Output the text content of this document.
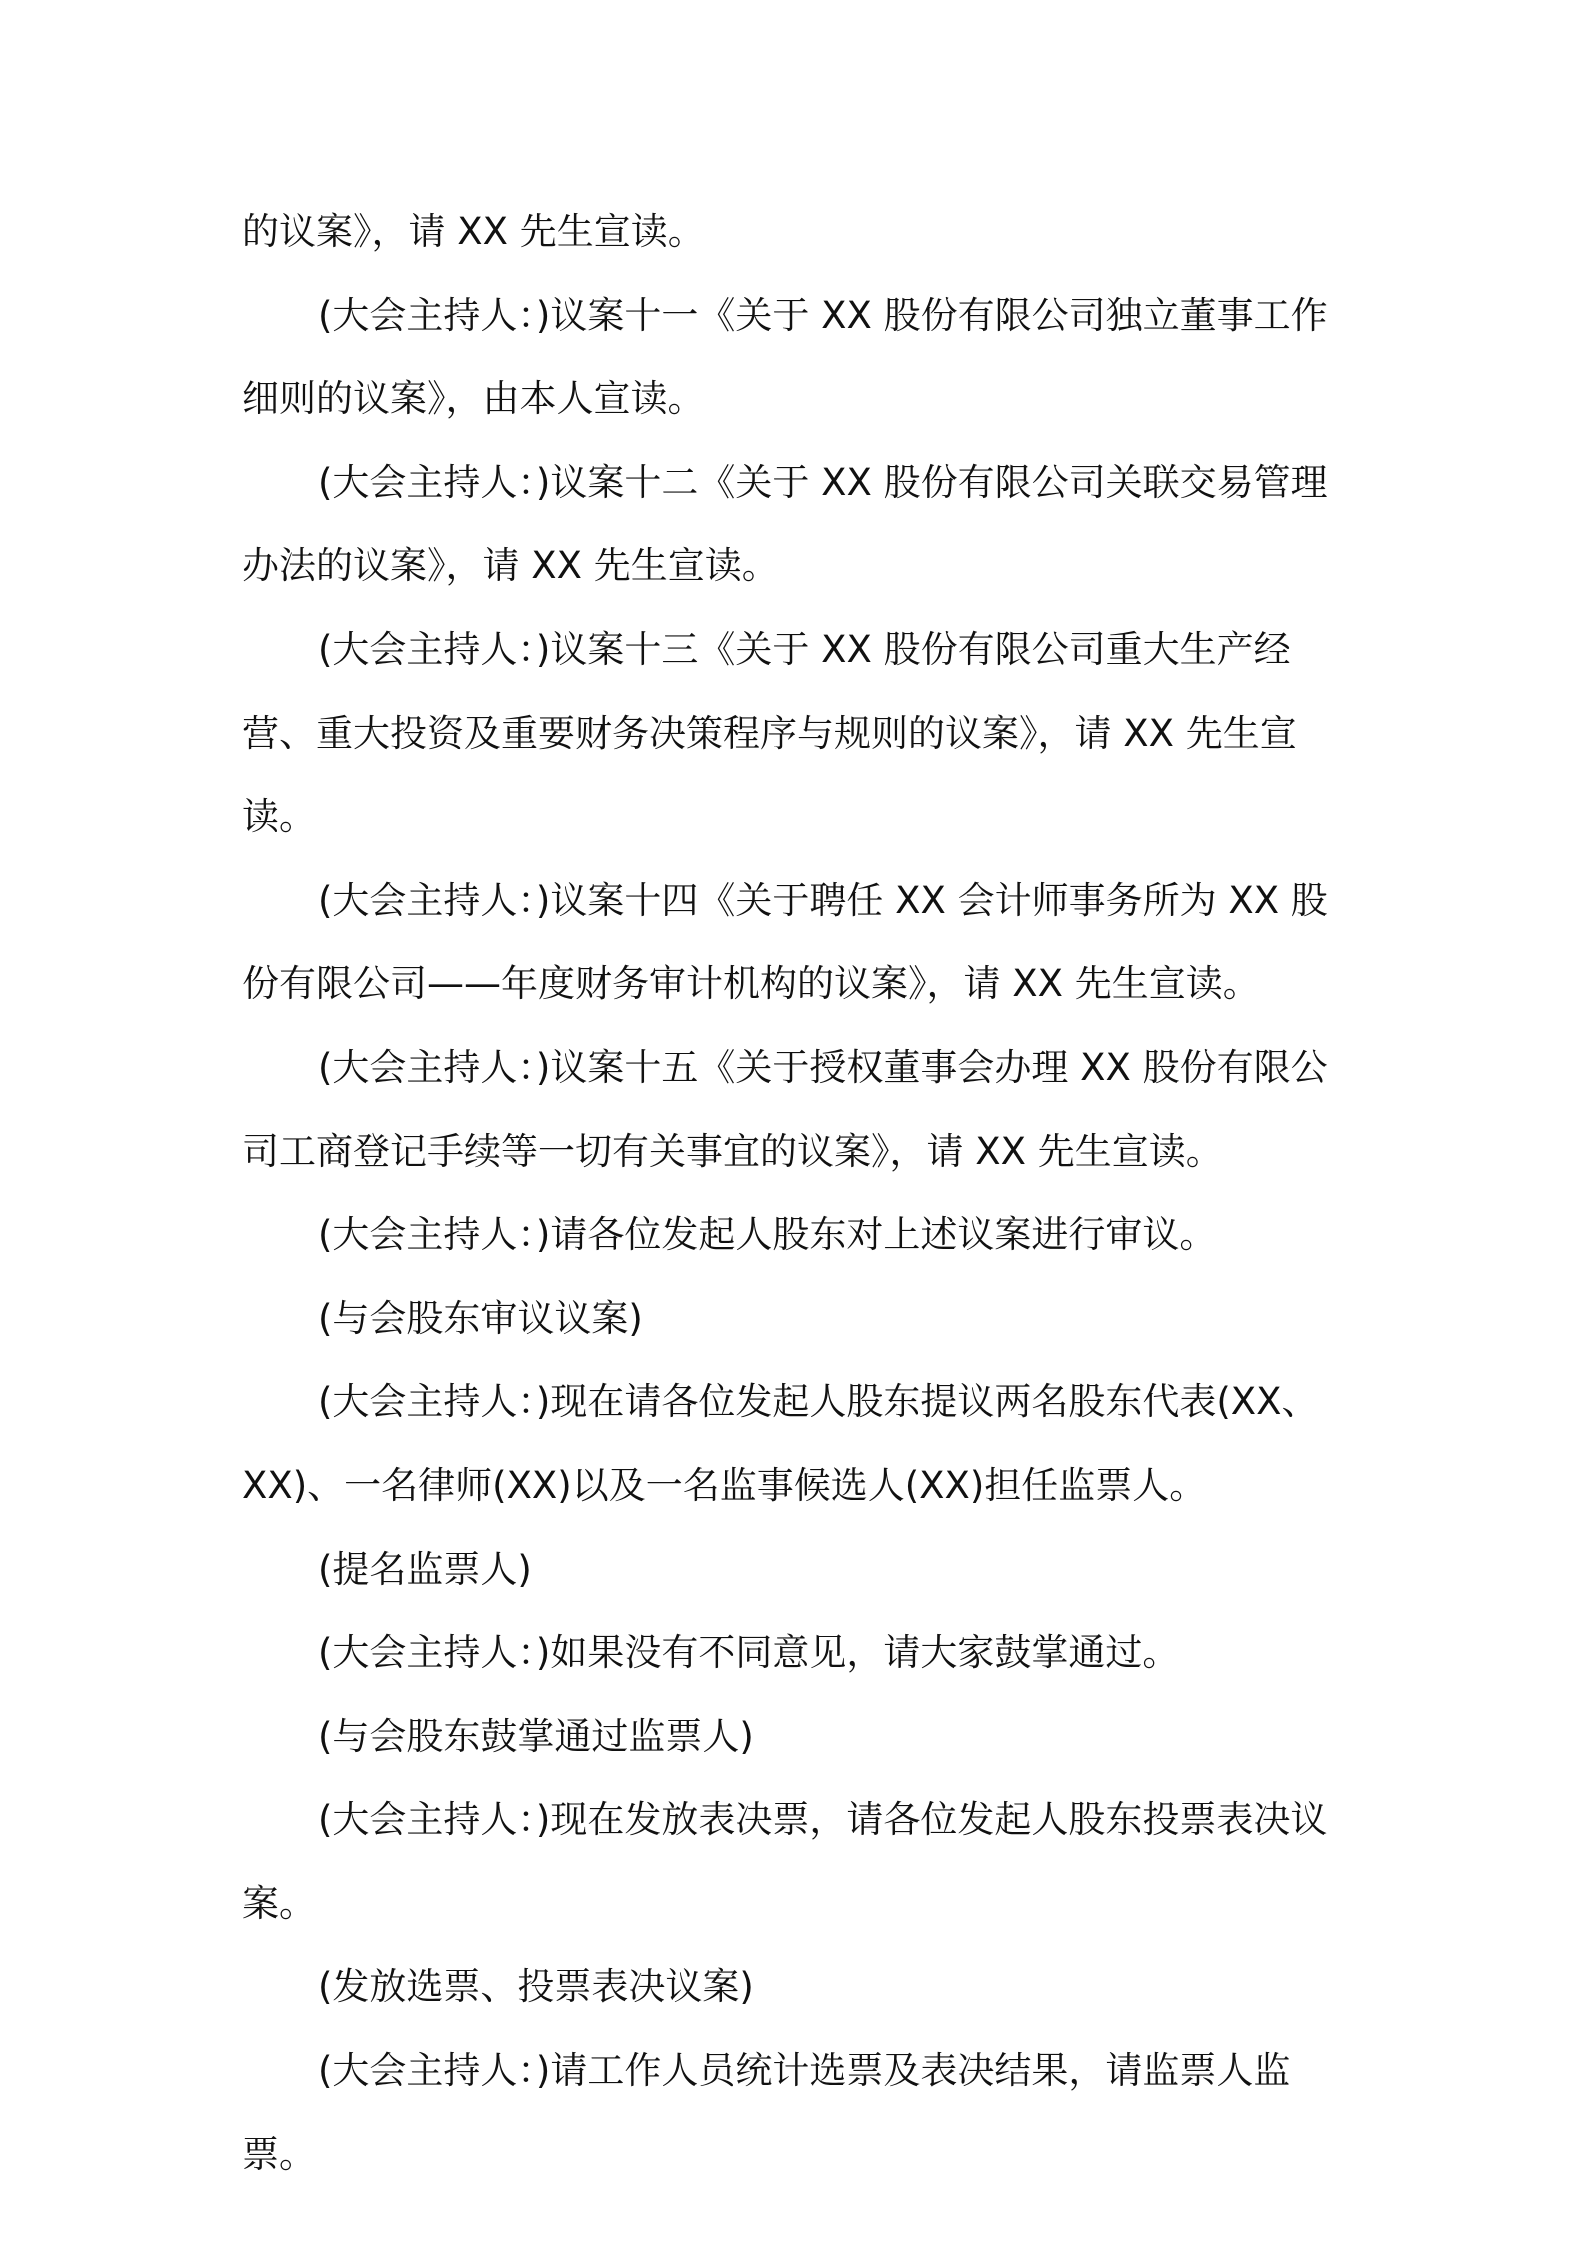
的议案》，请 XX 先生宣读。

(大会主持人：)议案十一《关于 XX 股份有限公司独立董事工作细则的议案》，由本人宣读。

(大会主持人：)议案十二《关于 XX 股份有限公司关联交易管理办法的议案》，请 XX 先生宣读。

(大会主持人：)议案十三《关于 XX 股份有限公司重大生产经营、重大投资及重要财务决策程序与规则的议案》，请 XX 先生宣读。

(大会主持人：)议案十四《关于聘任 XX 会计师事务所为 XX 股份有限公司——年度财务审计机构的议案》，请 XX 先生宣读。

(大会主持人：)议案十五《关于授权董事会办理 XX 股份有限公司工商登记手续等一切有关事宜的议案》，请 XX 先生宣读。

(大会主持人：)请各位发起人股东对上述议案进行审议。

(与会股东审议议案)

(大会主持人：)现在请各位发起人股东提议两名股东代表(XX、XX)、一名律师(XX)以及一名监事候选人(XX)担任监票人。

(提名监票人)

(大会主持人：)如果没有不同意见，请大家鼓掌通过。

(与会股东鼓掌通过监票人)

(大会主持人：)现在发放表决票，请各位发起人股东投票表决议案。

(发放选票、投票表决议案)

(大会主持人：)请工作人员统计选票及表决结果，请监票人监票。
